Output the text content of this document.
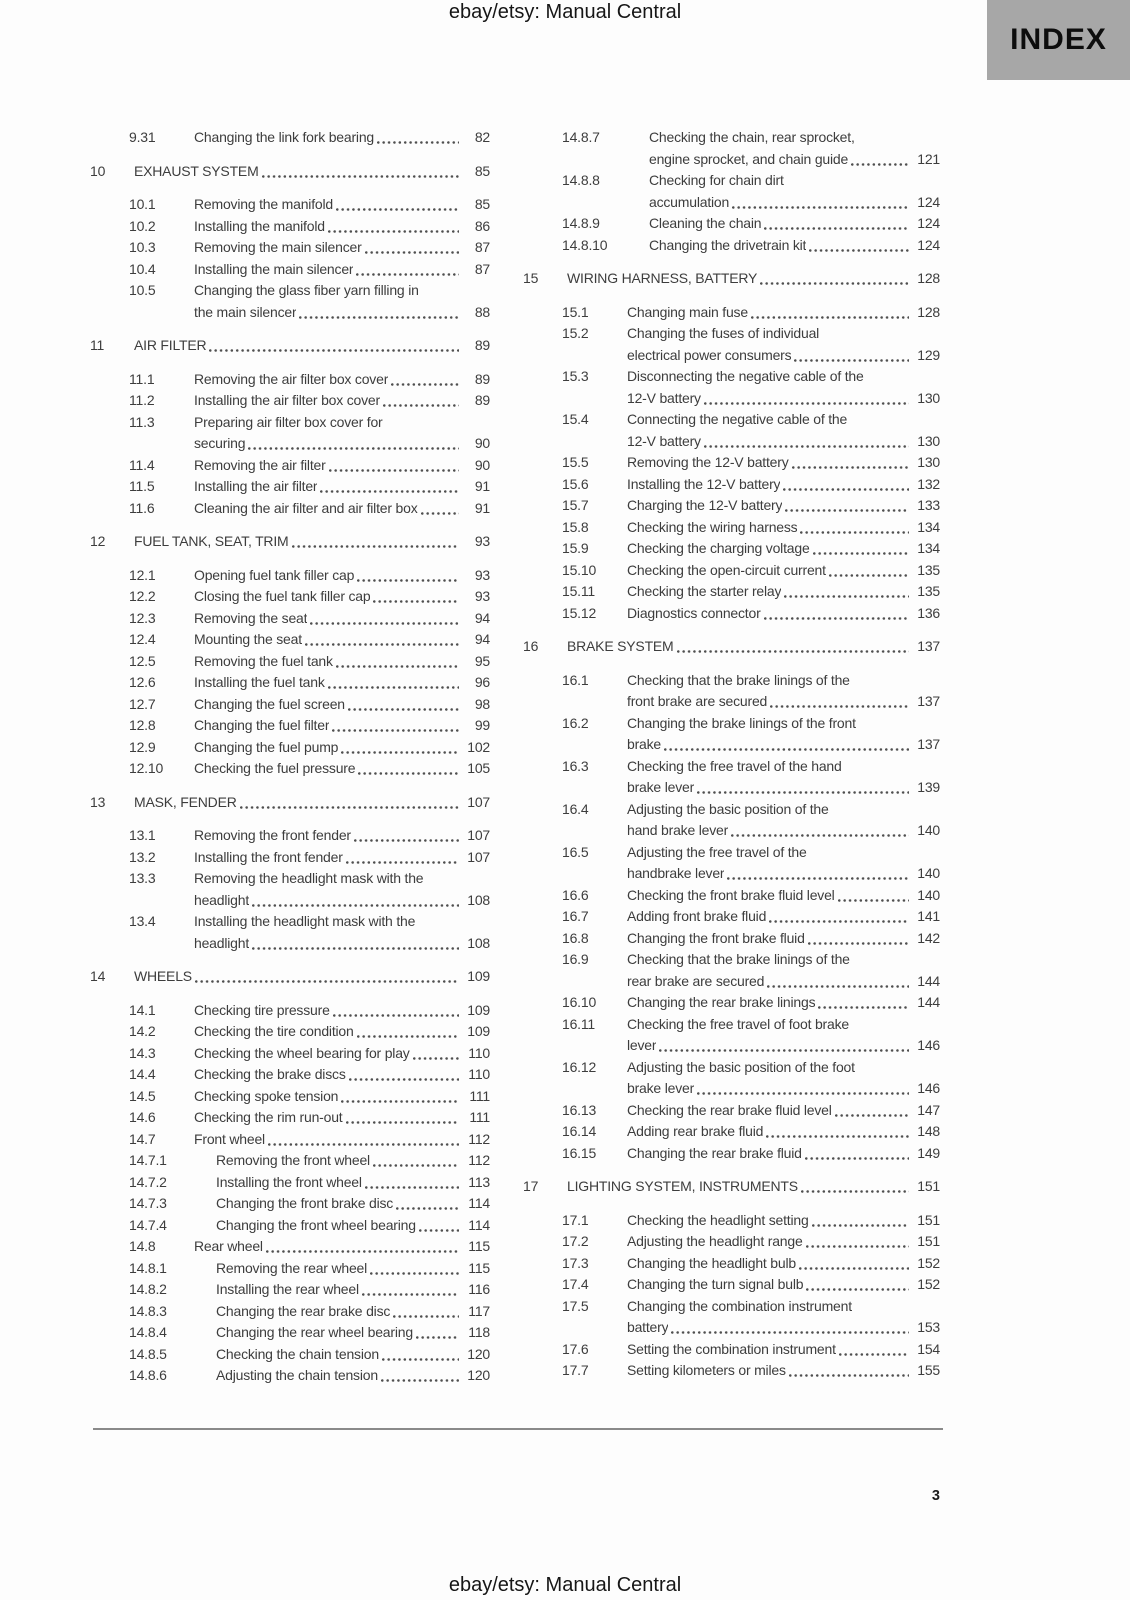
ebay/etsy: Manual Central
INDEX
9.31	Changing the link fork bearing	82
10	EXHAUST SYSTEM	85
10.1	Removing the manifold	85
10.2	Installing the manifold	86
10.3	Removing the main silencer	87
10.4	Installing the main silencer	87
10.5	Changing the glass fiber yarn filling in
the main silencer	88
11	AIR FILTER	89
11.1	Removing the air filter box cover	89
11.2	Installing the air filter box cover	89
11.3	Preparing air filter box cover for
securing	90
11.4	Removing the air filter	90
11.5	Installing the air filter	91
11.6	Cleaning the air filter and air filter box	91
12	FUEL TANK, SEAT, TRIM	93
12.1	Opening fuel tank filler cap	93
12.2	Closing the fuel tank filler cap	93
12.3	Removing the seat	94
12.4	Mounting the seat	94
12.5	Removing the fuel tank	95
12.6	Installing the fuel tank	96
12.7	Changing the fuel screen	98
12.8	Changing the fuel filter	99
12.9	Changing the fuel pump	102
12.10	Checking the fuel pressure	105
13	MASK, FENDER	107
13.1	Removing the front fender	107
13.2	Installing the front fender	107
13.3	Removing the headlight mask with the
headlight	108
13.4	Installing the headlight mask with the
headlight	108
14	WHEELS	109
14.1	Checking tire pressure	109
14.2	Checking the tire condition	109
14.3	Checking the wheel bearing for play	110
14.4	Checking the brake discs	110
14.5	Checking spoke tension	111
14.6	Checking the rim run-out	111
14.7	Front wheel	112
14.7.1	Removing the front wheel	112
14.7.2	Installing the front wheel	113
14.7.3	Changing the front brake disc	114
14.7.4	Changing the front wheel bearing	114
14.8	Rear wheel	115
14.8.1	Removing the rear wheel	115
14.8.2	Installing the rear wheel	116
14.8.3	Changing the rear brake disc	117
14.8.4	Changing the rear wheel bearing	118
14.8.5	Checking the chain tension	120
14.8.6	Adjusting the chain tension	120
14.8.7	Checking the chain, rear sprocket,
engine sprocket, and chain guide	121
14.8.8	Checking for chain dirt
accumulation	124
14.8.9	Cleaning the chain	124
14.8.10	Changing the drivetrain kit	124
15	WIRING HARNESS, BATTERY	128
15.1	Changing main fuse	128
15.2	Changing the fuses of individual
electrical power consumers	129
15.3	Disconnecting the negative cable of the
12-V battery	130
15.4	Connecting the negative cable of the
12-V battery	130
15.5	Removing the 12-V battery	130
15.6	Installing the 12-V battery	132
15.7	Charging the 12-V battery	133
15.8	Checking the wiring harness	134
15.9	Checking the charging voltage	134
15.10	Checking the open-circuit current	135
15.11	Checking the starter relay	135
15.12	Diagnostics connector	136
16	BRAKE SYSTEM	137
16.1	Checking that the brake linings of the
front brake are secured	137
16.2	Changing the brake linings of the front
brake	137
16.3	Checking the free travel of the hand
brake lever	139
16.4	Adjusting the basic position of the
hand brake lever	140
16.5	Adjusting the free travel of the
handbrake lever	140
16.6	Checking the front brake fluid level	140
16.7	Adding front brake fluid	141
16.8	Changing the front brake fluid	142
16.9	Checking that the brake linings of the
rear brake are secured	144
16.10	Changing the rear brake linings	144
16.11	Checking the free travel of foot brake
lever	146
16.12	Adjusting the basic position of the foot
brake lever	146
16.13	Checking the rear brake fluid level	147
16.14	Adding rear brake fluid	148
16.15	Changing the rear brake fluid	149
17	LIGHTING SYSTEM, INSTRUMENTS	151
17.1	Checking the headlight setting	151
17.2	Adjusting the headlight range	151
17.3	Changing the headlight bulb	152
17.4	Changing the turn signal bulb	152
17.5	Changing the combination instrument
battery	153
17.6	Setting the combination instrument	154
17.7	Setting kilometers or miles	155
3
ebay/etsy: Manual Central
